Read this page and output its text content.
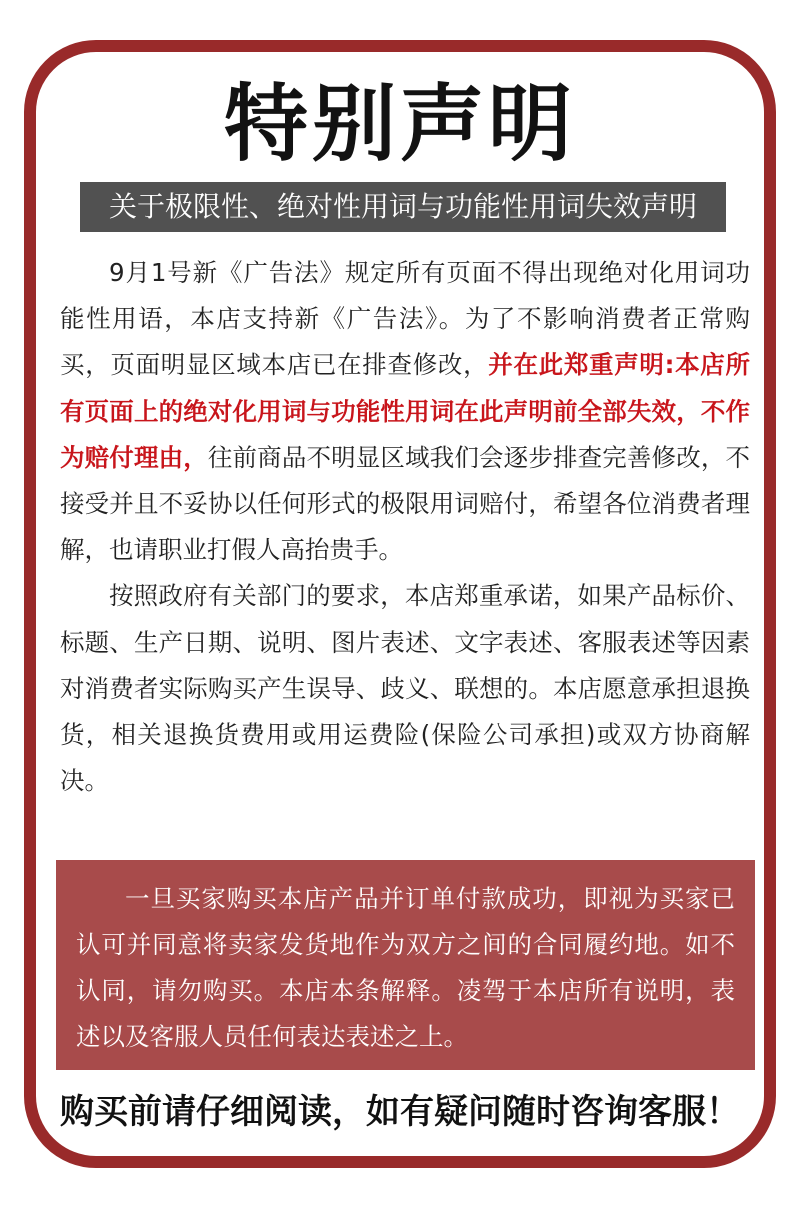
特别声明
关于极限性、绝对性用词与功能性用词失效声明

9月1号新《广告法》规定所有页面不得出现绝对化用词功能性用语，本店支持新《广告法》。为了不影响消费者正常购买，页面明显区域本店已在排查修改，并在此郑重声明:本店所有页面上的绝对化用词与功能性用词在此声明前全部失效，不作为赔付理由，往前商品不明显区域我们会逐步排查完善修改，不接受并且不妥协以任何形式的极限用词赔付，希望各位消费者理解，也请职业打假人高抬贵手。

按照政府有关部门的要求，本店郑重承诺，如果产品标价、标题、生产日期、说明、图片表述、文字表述、客服表述等因素对消费者实际购买产生误导、歧义、联想的。本店愿意承担退换货，相关退换货费用或用运费险(保险公司承担)或双方协商解决。

一旦买家购买本店产品并订单付款成功，即视为买家已认可并同意将卖家发货地作为双方之间的合同履约地。如不认同，请勿购买。本店本条解释。凌驾于本店所有说明，表述以及客服人员任何表达表述之上。

购买前请仔细阅读，如有疑问随时咨询客服！
